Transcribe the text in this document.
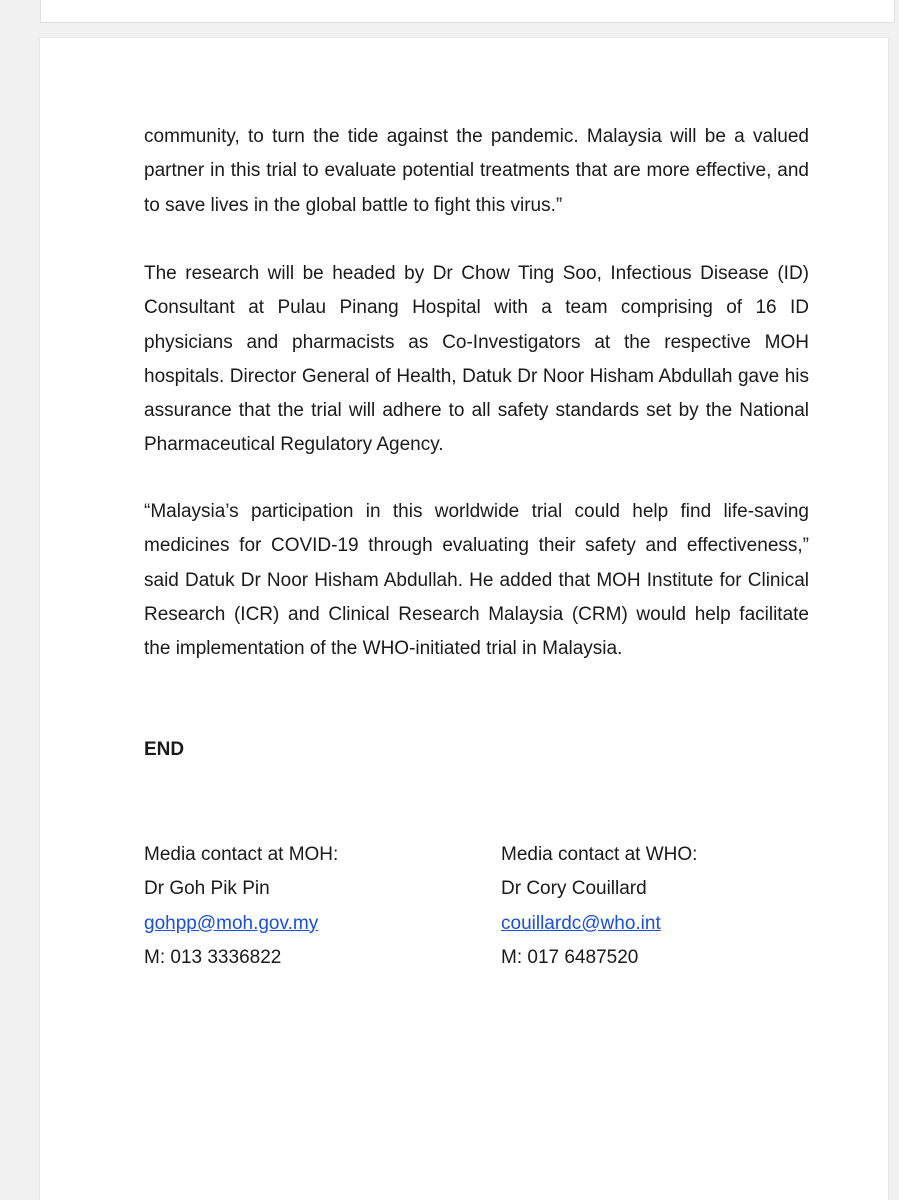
community, to turn the tide against the pandemic. Malaysia will be a valued partner in this trial to evaluate potential treatments that are more effective, and to save lives in the global battle to fight this virus.”

The research will be headed by Dr Chow Ting Soo, Infectious Disease (ID) Consultant at Pulau Pinang Hospital with a team comprising of 16 ID physicians and pharmacists as Co-Investigators at the respective MOH hospitals. Director General of Health, Datuk Dr Noor Hisham Abdullah gave his assurance that the trial will adhere to all safety standards set by the National Pharmaceutical Regulatory Agency.

“Malaysia’s participation in this worldwide trial could help find life-saving medicines for COVID-19 through evaluating their safety and effectiveness,” said Datuk Dr Noor Hisham Abdullah. He added that MOH Institute for Clinical Research (ICR) and Clinical Research Malaysia (CRM) would help facilitate the implementation of the WHO-initiated trial in Malaysia.

END

Media contact at MOH:
Dr Goh Pik Pin
gohpp@moh.gov.my
M: 013 3336822
Media contact at WHO:
Dr Cory Couillard
couillardc@who.int
M: 017 6487520
